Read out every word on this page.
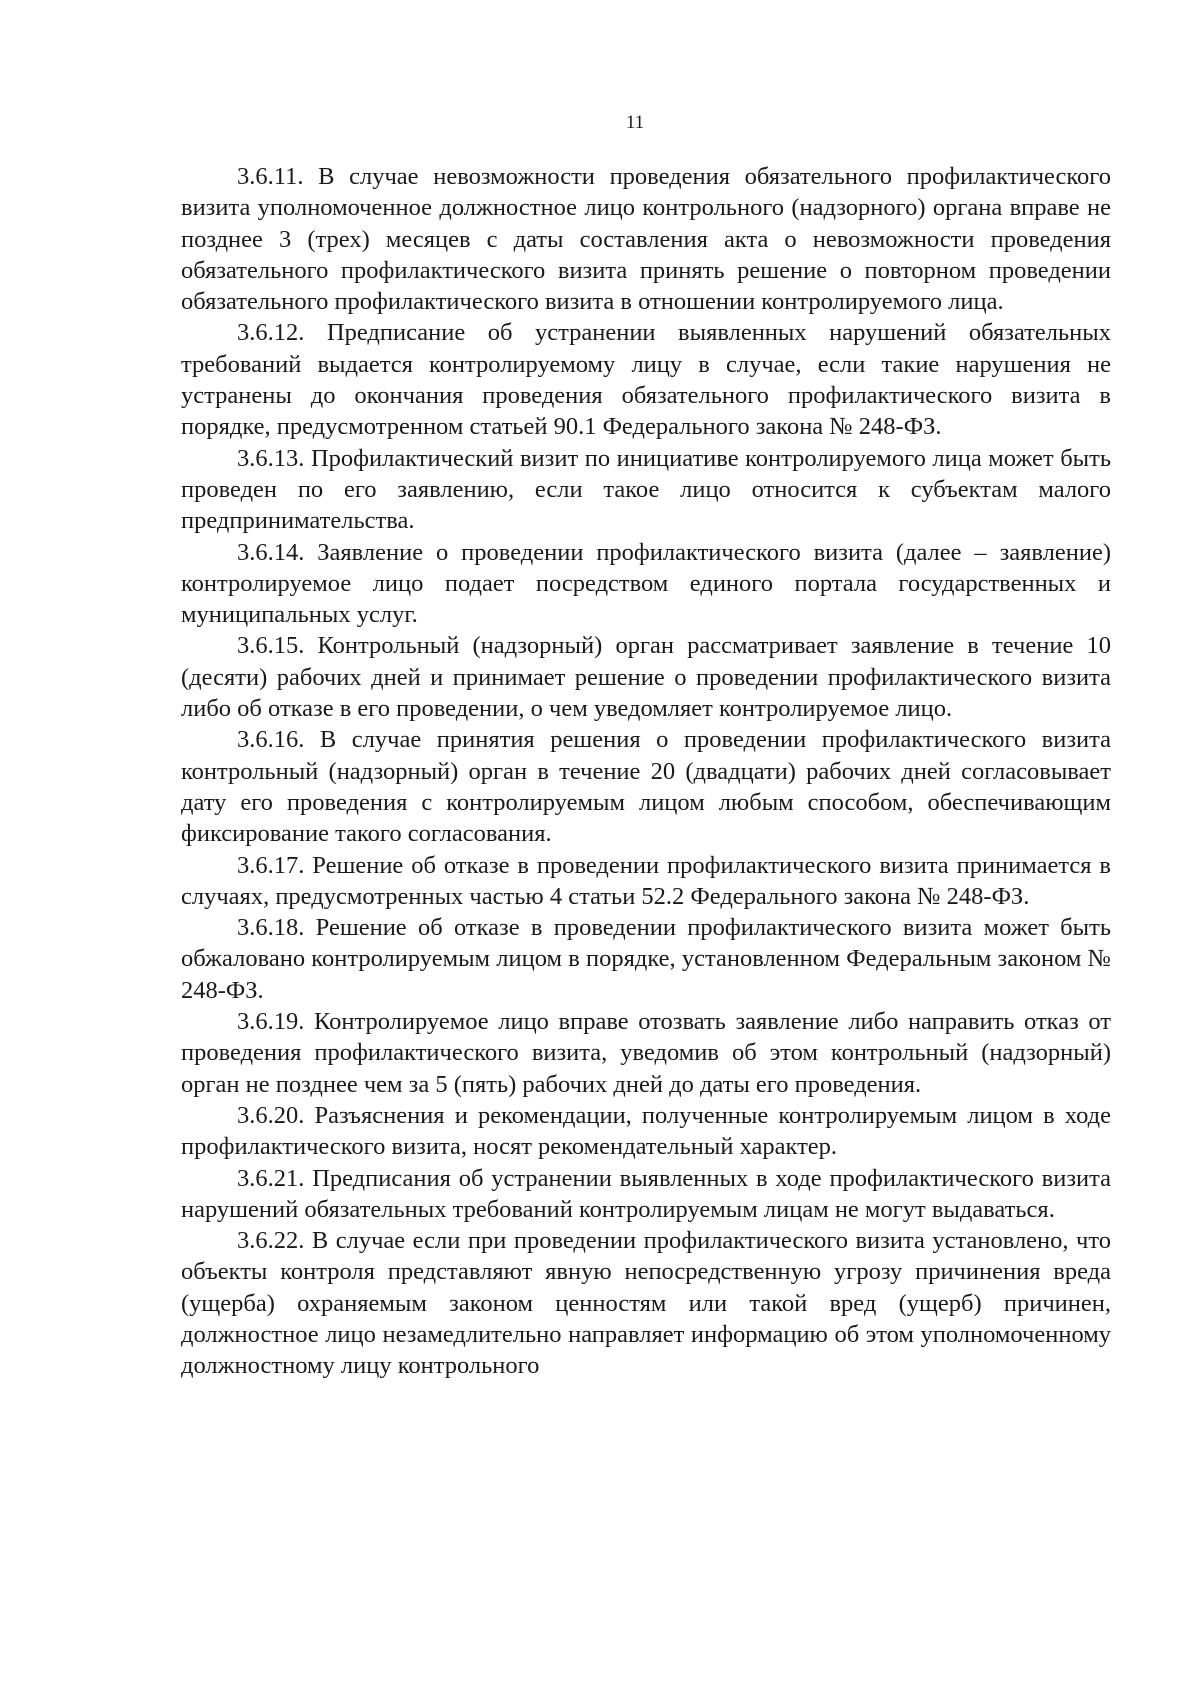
11

3.6.11. В случае невозможности проведения обязательного профилактического визита уполномоченное должностное лицо контрольного (надзорного) органа вправе не позднее 3 (трех) месяцев с даты составления акта о невозможности проведения обязательного профилактического визита принять решение о повторном проведении обязательного профилактического визита в отношении контролируемого лица.

3.6.12. Предписание об устранении выявленных нарушений обязательных требований выдается контролируемому лицу в случае, если такие нарушения не устранены до окончания проведения обязательного профилактического визита в порядке, предусмотренном статьей 90.1 Федерального закона № 248-ФЗ.

3.6.13. Профилактический визит по инициативе контролируемого лица может быть проведен по его заявлению, если такое лицо относится к субъектам малого предпринимательства.

3.6.14. Заявление о проведении профилактического визита (далее – заявление) контролируемое лицо подает посредством единого портала государственных и муниципальных услуг.

3.6.15. Контрольный (надзорный) орган рассматривает заявление в течение 10 (десяти) рабочих дней и принимает решение о проведении профилактического визита либо об отказе в его проведении, о чем уведомляет контролируемое лицо.

3.6.16. В случае принятия решения о проведении профилактического визита контрольный (надзорный) орган в течение 20 (двадцати) рабочих дней согласовывает дату его проведения с контролируемым лицом любым способом, обеспечивающим фиксирование такого согласования.

3.6.17. Решение об отказе в проведении профилактического визита принимается в случаях, предусмотренных частью 4 статьи 52.2 Федерального закона № 248-ФЗ.

3.6.18. Решение об отказе в проведении профилактического визита может быть обжаловано контролируемым лицом в порядке, установленном Федеральным законом № 248-ФЗ.

3.6.19. Контролируемое лицо вправе отозвать заявление либо направить отказ от проведения профилактического визита, уведомив об этом контрольный (надзорный) орган не позднее чем за 5 (пять) рабочих дней до даты его проведения.

3.6.20. Разъяснения и рекомендации, полученные контролируемым лицом в ходе профилактического визита, носят рекомендательный характер.

3.6.21. Предписания об устранении выявленных в ходе профилактического визита нарушений обязательных требований контролируемым лицам не могут выдаваться.

3.6.22. В случае если при проведении профилактического визита установлено, что объекты контроля представляют явную непосредственную угрозу причинения вреда (ущерба) охраняемым законом ценностям или такой вред (ущерб) причинен, должностное лицо незамедлительно направляет информацию об этом уполномоченному должностному лицу контрольного
